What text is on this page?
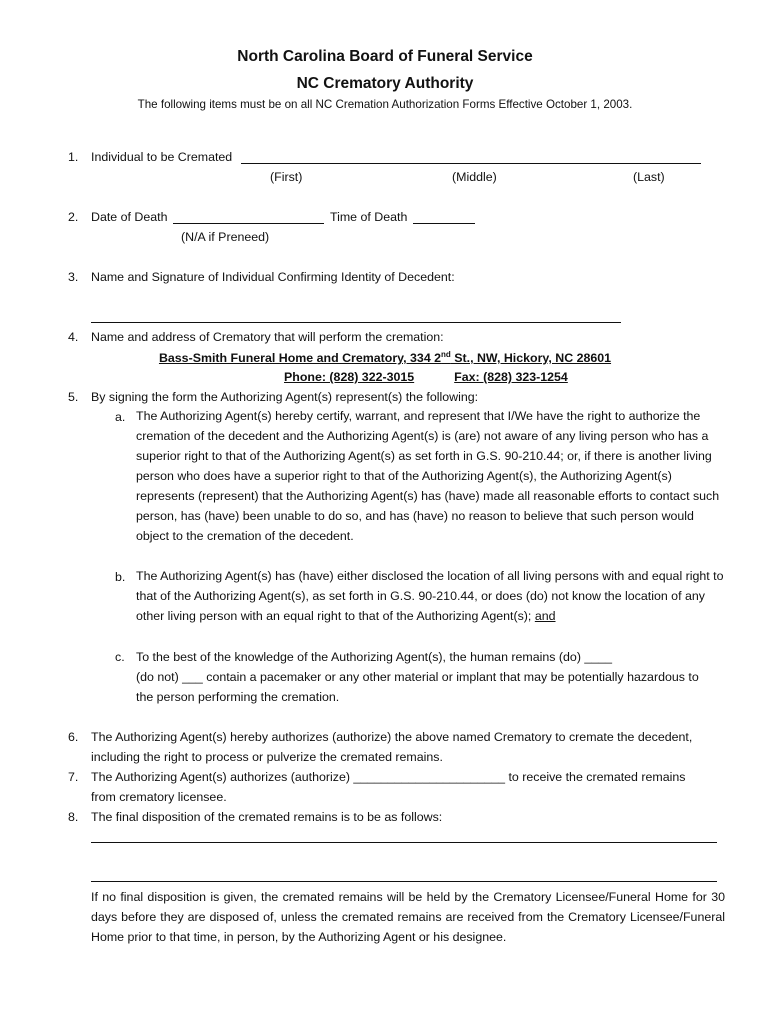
North Carolina Board of Funeral Service
NC Crematory Authority
The following items must be on all NC Cremation Authorization Forms Effective October 1, 2003.
1. Individual to be Cremated
(First)	(Middle)	(Last)
2. Date of Death	Time of Death
(N/A if Preneed)
3. Name and Signature of Individual Confirming Identity of Decedent:
4. Name and address of Crematory that will perform the cremation:
Bass-Smith Funeral Home and Crematory, 334 2nd St., NW, Hickory, NC 28601
Phone: (828) 322-3015	Fax: (828) 323-1254
5. By signing the form the Authorizing Agent(s) represent(s) the following:
a. The Authorizing Agent(s) hereby certify, warrant, and represent that I/We have the right to authorize the cremation of the decedent and the Authorizing Agent(s) is (are) not aware of any living person who has a superior right to that of the Authorizing Agent(s) as set forth in G.S. 90-210.44; or, if there is another living person who does have a superior right to that of the Authorizing Agent(s), the Authorizing Agent(s) represents (represent) that the Authorizing Agent(s) has (have) made all reasonable efforts to contact such person, has (have) been unable to do so, and has (have) no reason to believe that such person would object to the cremation of the decedent.
b. The Authorizing Agent(s) has (have) either disclosed the location of all living persons with and equal right to that of the Authorizing Agent(s), as set forth in G.S. 90-210.44, or does (do) not know the location of any other living person with an equal right to that of the Authorizing Agent(s); and
c. To the best of the knowledge of the Authorizing Agent(s), the human remains (do) ____
(do not) ___ contain a pacemaker or any other material or implant that may be potentially hazardous to
the person performing the cremation.
6. The Authorizing Agent(s) hereby authorizes (authorize) the above named Crematory to cremate the decedent,
including the right to process or pulverize the cremated remains.
7. The Authorizing Agent(s) authorizes (authorize) ______________________ to receive the cremated remains
from crematory licensee.
8. The final disposition of the cremated remains is to be as follows:
If no final disposition is given, the cremated remains will be held by the Crematory Licensee/Funeral Home for 30 days before they are disposed of, unless the cremated remains are received from the Crematory Licensee/Funeral Home prior to that time, in person, by the Authorizing Agent or his designee.
